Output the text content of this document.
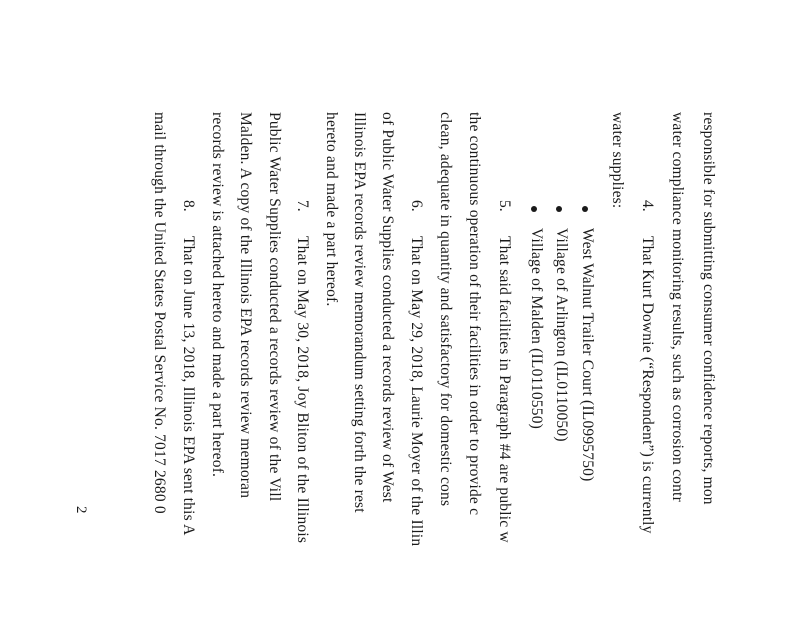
responsible for submitting consumer confidence reports, mon
water compliance monitoring results, such as corrosion contr
4.
That Kurt Downie (“Respondent”) is currently
water supplies:
West Walnut Trailer Court (IL0995750)
Village of Arlington (IL0110050)
Village of Malden (IL0110550)
5.
That said facilities in Paragraph #4 are public w
the continuous operation of their facilities in order to provide c
clean, adequate in quantity and satisfactory for domestic cons
6.
That on May 29, 2018, Laurie Moyer of the Illin
of Public Water Supplies conducted a records review of West
Illinois EPA records review memorandum setting forth the rest
hereto and made a part hereof.
7.
That on May 30, 2018, Joy Bliton of the Illinois
Public Water Supplies conducted a records review of the Vill
Malden. A copy of the Illinois EPA records review memoran
records review is attached hereto and made a part hereof.
8.
That on June 13, 2018, Illinois EPA sent this A
mail through the United States Postal Service No. 7017 2680 0
2
